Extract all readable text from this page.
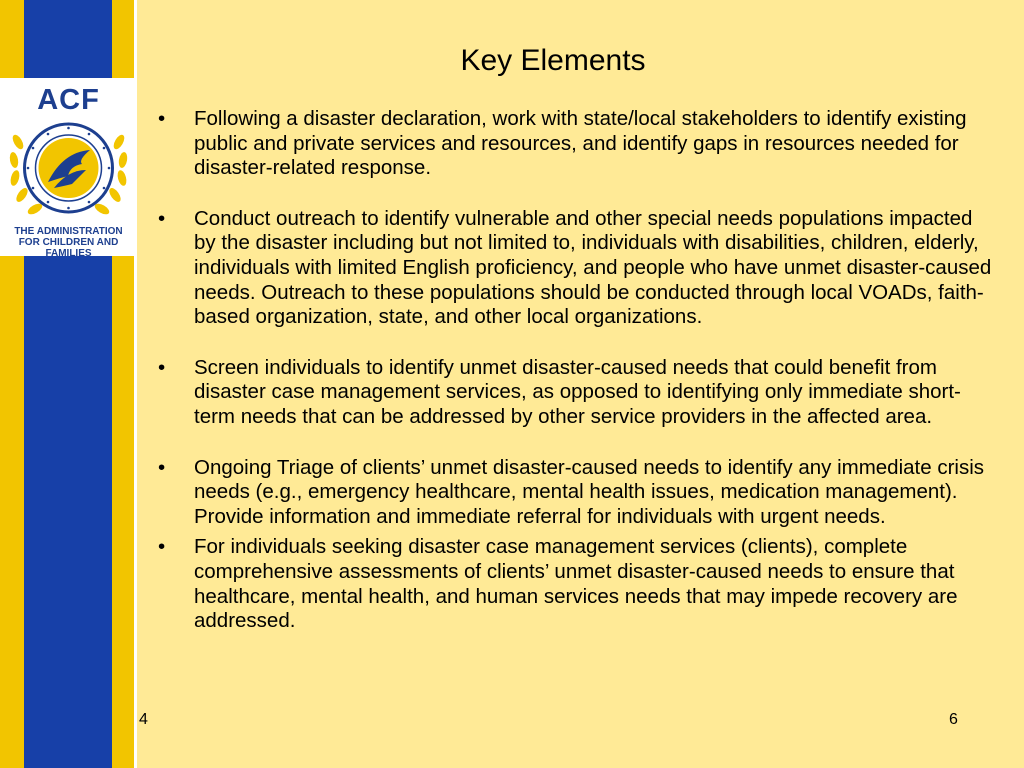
ACF
THE ADMINISTRATION
FOR CHILDREN AND FAMILIES
Key Elements
• Following a disaster declaration, work with state/local stakeholders to identify existing public and private services and resources, and identify gaps in resources needed for disaster-related response.
• Conduct outreach to identify vulnerable and other special needs populations impacted by the disaster including but not limited to, individuals with disabilities, children, elderly, individuals with limited English proficiency, and people who have unmet disaster-caused needs. Outreach to these populations should be conducted through local VOADs, faith-based organization, state, and other local organizations.
• Screen individuals to identify unmet disaster-caused needs that could benefit from disaster case management services, as opposed to identifying only immediate short-term needs that can be addressed by other service providers in the affected area.
• Ongoing Triage of clients’ unmet disaster-caused needs to identify any immediate crisis needs (e.g., emergency healthcare, mental health issues, medication management). Provide information and immediate referral for individuals with urgent needs.
• For individuals seeking disaster case management services (clients), complete comprehensive assessments of clients’ unmet disaster-caused needs to ensure that healthcare, mental health, and human services needs that may impede recovery are addressed.
4	6
